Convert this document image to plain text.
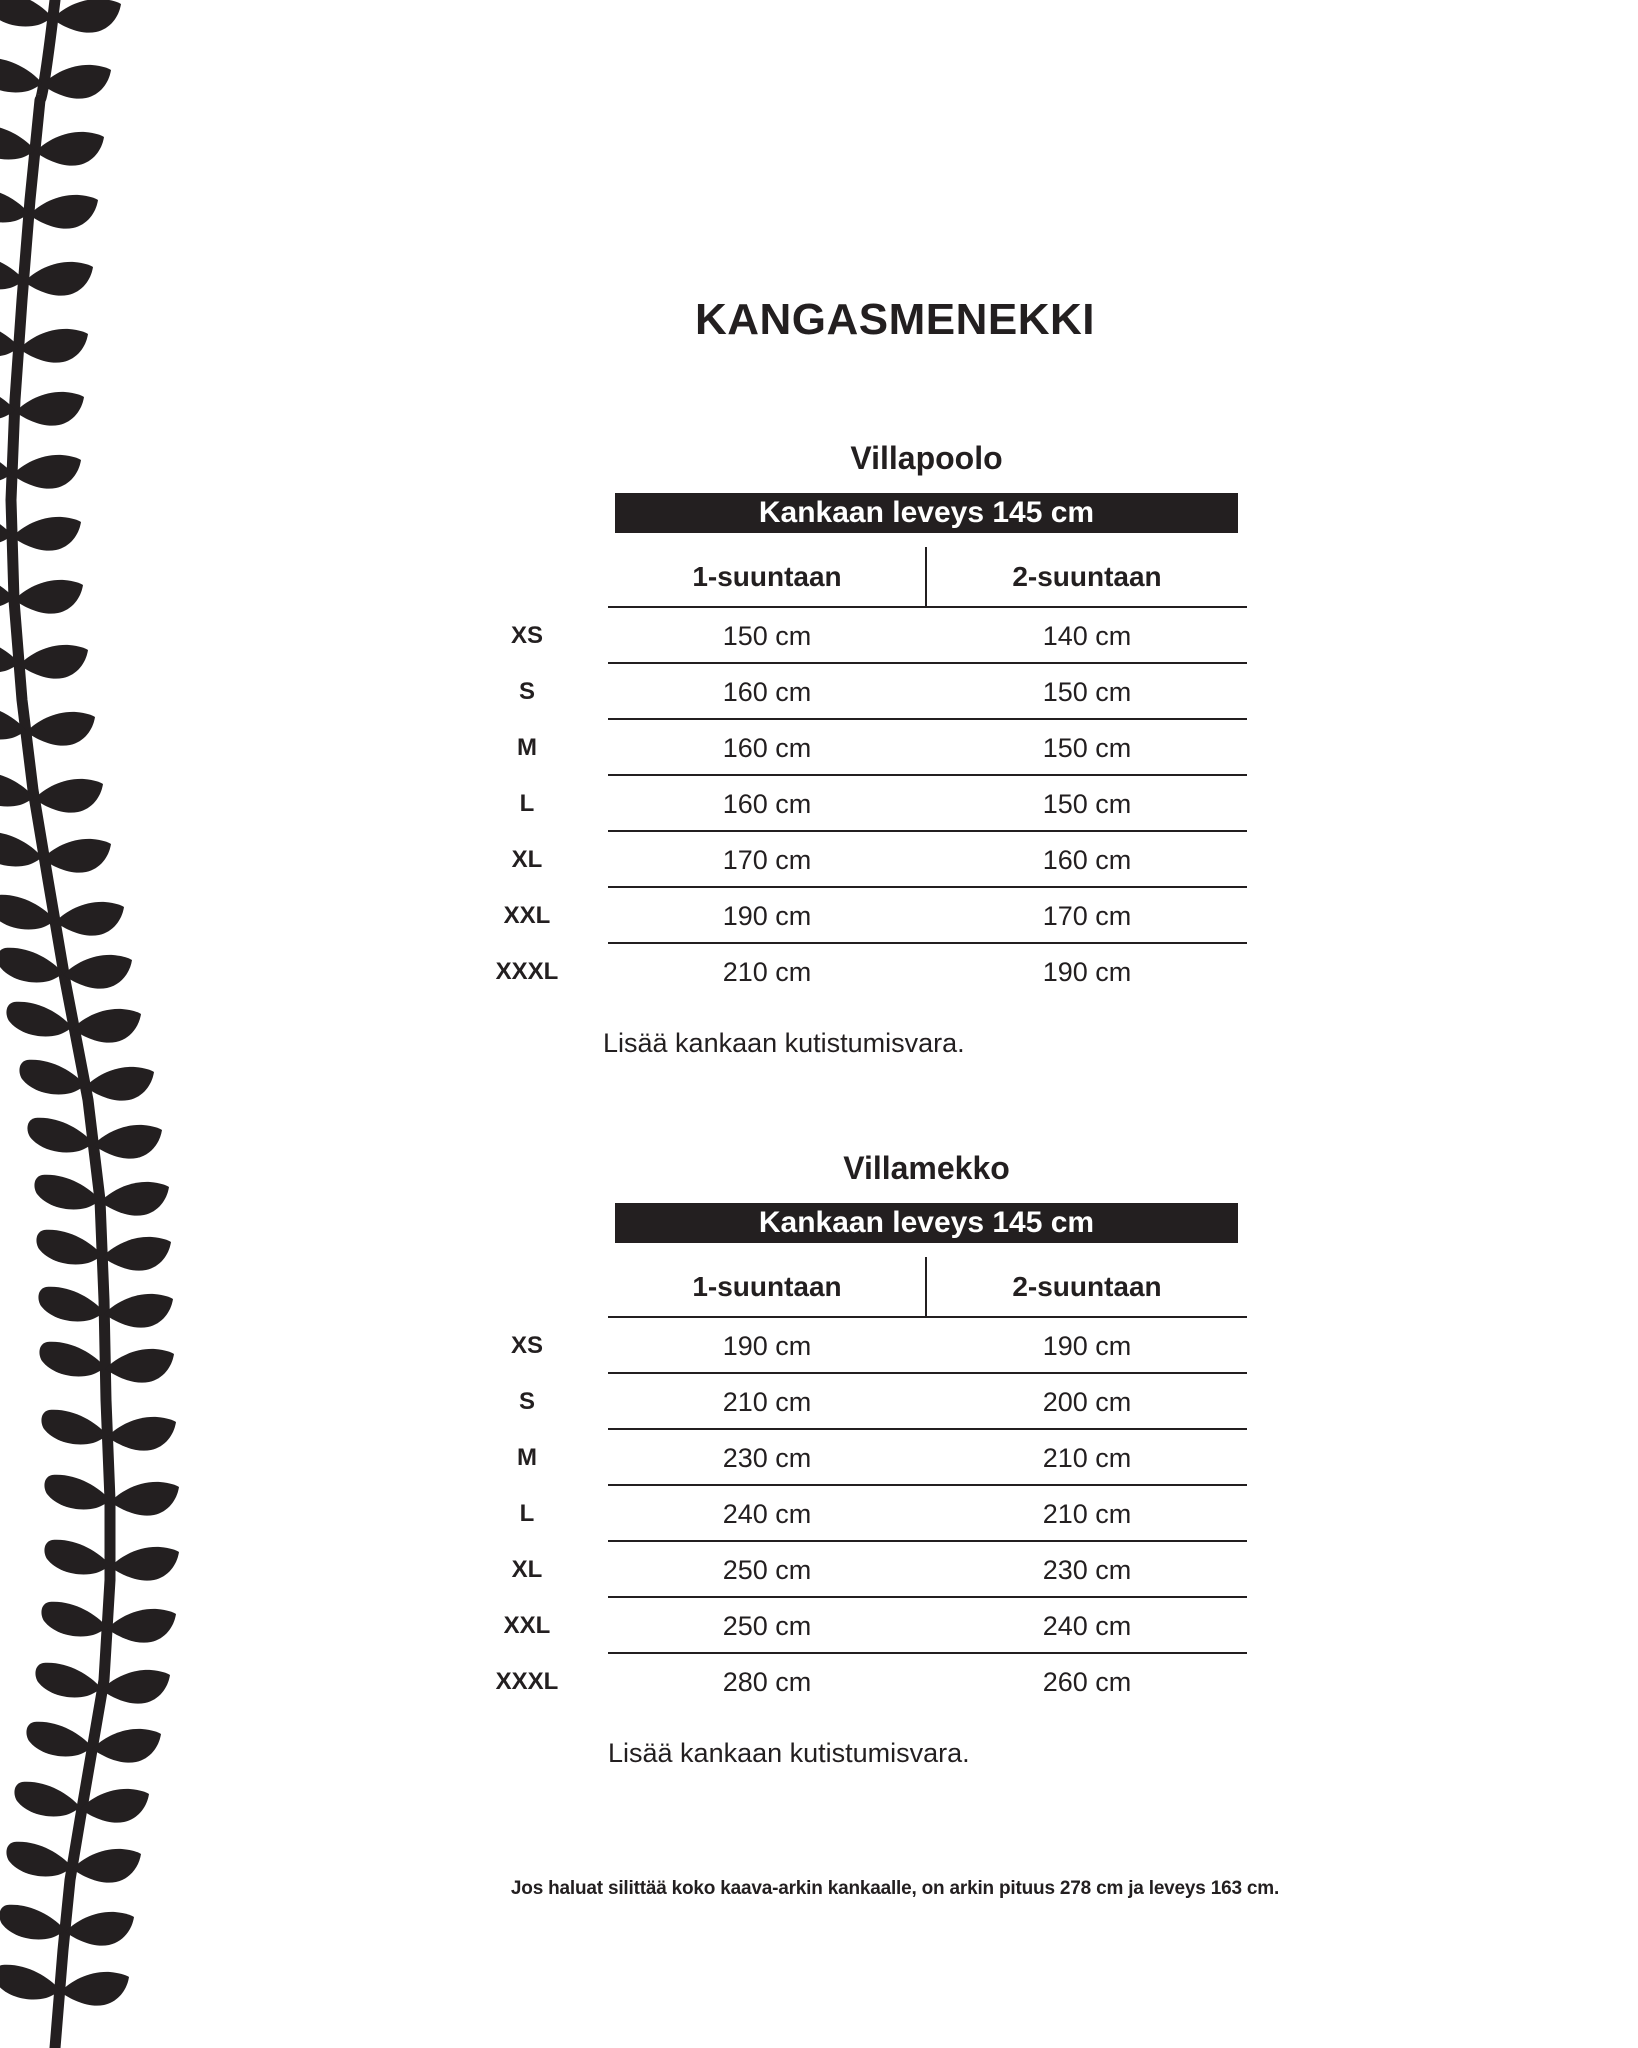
KANGASMENEKKI
Villapoolo
Kankaan leveys 145 cm
1-suuntaan	2-suuntaan
XS	150 cm	140 cm
S	160 cm	150 cm
M	160 cm	150 cm
L	160 cm	150 cm
XL	170 cm	160 cm
XXL	190 cm	170 cm
XXXL	210 cm	190 cm
Lisää kankaan kutistumisvara.
Villamekko
Kankaan leveys 145 cm
1-suuntaan	2-suuntaan
XS	190 cm	190 cm
S	210 cm	200 cm
M	230 cm	210 cm
L	240 cm	210 cm
XL	250 cm	230 cm
XXL	250 cm	240 cm
XXXL	280 cm	260 cm
Lisää kankaan kutistumisvara.
Jos haluat silittää koko kaava-arkin kankaalle, on arkin pituus 278 cm ja leveys 163 cm.
